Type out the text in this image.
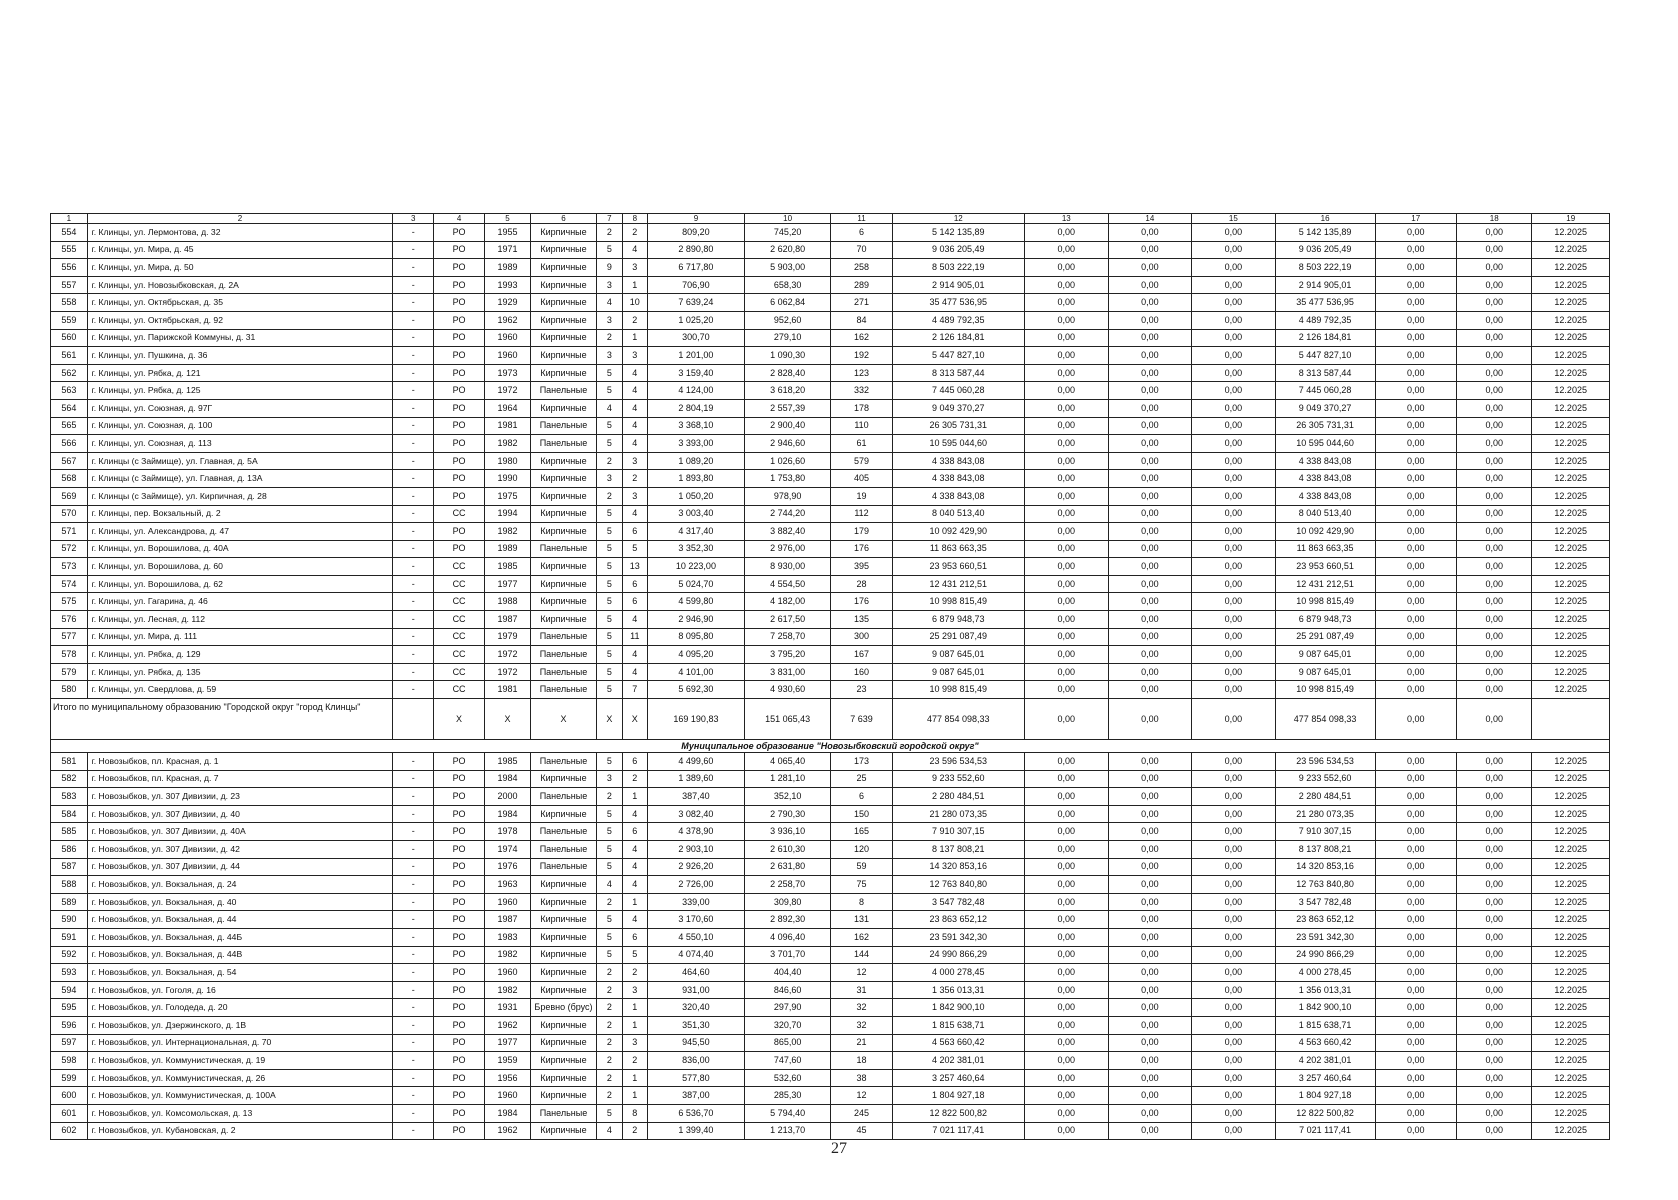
1	2	3	4	5	6	7	8	9	10	11	12	13	14	15	16	17	18	19
554	г. Клинцы, ул. Лермонтова, д. 32	-	РО	1955	Кирпичные	2	2	809,20	745,20	6	5 142 135,89	0,00	0,00	0,00	5 142 135,89	0,00	0,00	12.2025
555	г. Клинцы, ул. Мира, д. 45	-	РО	1971	Кирпичные	5	4	2 890,80	2 620,80	70	9 036 205,49	0,00	0,00	0,00	9 036 205,49	0,00	0,00	12.2025
556	г. Клинцы, ул. Мира, д. 50	-	РО	1989	Кирпичные	9	3	6 717,80	5 903,00	258	8 503 222,19	0,00	0,00	0,00	8 503 222,19	0,00	0,00	12.2025
557	г. Клинцы, ул. Новозыбковская, д. 2А	-	РО	1993	Кирпичные	3	1	706,90	658,30	289	2 914 905,01	0,00	0,00	0,00	2 914 905,01	0,00	0,00	12.2025
558	г. Клинцы, ул. Октябрьская, д. 35	-	РО	1929	Кирпичные	4	10	7 639,24	6 062,84	271	35 477 536,95	0,00	0,00	0,00	35 477 536,95	0,00	0,00	12.2025
559	г. Клинцы, ул. Октябрьская, д. 92	-	РО	1962	Кирпичные	3	2	1 025,20	952,60	84	4 489 792,35	0,00	0,00	0,00	4 489 792,35	0,00	0,00	12.2025
560	г. Клинцы, ул. Парижской Коммуны, д. 31	-	РО	1960	Кирпичные	2	1	300,70	279,10	162	2 126 184,81	0,00	0,00	0,00	2 126 184,81	0,00	0,00	12.2025
561	г. Клинцы, ул. Пушкина, д. 36	-	РО	1960	Кирпичные	3	3	1 201,00	1 090,30	192	5 447 827,10	0,00	0,00	0,00	5 447 827,10	0,00	0,00	12.2025
562	г. Клинцы, ул. Рябка, д. 121	-	РО	1973	Кирпичные	5	4	3 159,40	2 828,40	123	8 313 587,44	0,00	0,00	0,00	8 313 587,44	0,00	0,00	12.2025
563	г. Клинцы, ул. Рябка, д. 125	-	РО	1972	Панельные	5	4	4 124,00	3 618,20	332	7 445 060,28	0,00	0,00	0,00	7 445 060,28	0,00	0,00	12.2025
564	г. Клинцы, ул. Союзная, д. 97Г	-	РО	1964	Кирпичные	4	4	2 804,19	2 557,39	178	9 049 370,27	0,00	0,00	0,00	9 049 370,27	0,00	0,00	12.2025
565	г. Клинцы, ул. Союзная, д. 100	-	РО	1981	Панельные	5	4	3 368,10	2 900,40	110	26 305 731,31	0,00	0,00	0,00	26 305 731,31	0,00	0,00	12.2025
566	г. Клинцы, ул. Союзная, д. 113	-	РО	1982	Панельные	5	4	3 393,00	2 946,60	61	10 595 044,60	0,00	0,00	0,00	10 595 044,60	0,00	0,00	12.2025
567	г. Клинцы (с Займище), ул. Главная, д. 5А	-	РО	1980	Кирпичные	2	3	1 089,20	1 026,60	579	4 338 843,08	0,00	0,00	0,00	4 338 843,08	0,00	0,00	12.2025
568	г. Клинцы (с Займище), ул. Главная, д. 13А	-	РО	1990	Кирпичные	3	2	1 893,80	1 753,80	405	4 338 843,08	0,00	0,00	0,00	4 338 843,08	0,00	0,00	12.2025
569	г. Клинцы (с Займище), ул. Кирпичная, д. 28	-	РО	1975	Кирпичные	2	3	1 050,20	978,90	19	4 338 843,08	0,00	0,00	0,00	4 338 843,08	0,00	0,00	12.2025
570	г. Клинцы, пер. Вокзальный, д. 2	-	СС	1994	Кирпичные	5	4	3 003,40	2 744,20	112	8 040 513,40	0,00	0,00	0,00	8 040 513,40	0,00	0,00	12.2025
571	г. Клинцы, ул. Александрова, д. 47	-	РО	1982	Кирпичные	5	6	4 317,40	3 882,40	179	10 092 429,90	0,00	0,00	0,00	10 092 429,90	0,00	0,00	12.2025
572	г. Клинцы, ул. Ворошилова, д. 40А	-	РО	1989	Панельные	5	5	3 352,30	2 976,00	176	11 863 663,35	0,00	0,00	0,00	11 863 663,35	0,00	0,00	12.2025
573	г. Клинцы, ул. Ворошилова, д. 60	-	СС	1985	Кирпичные	5	13	10 223,00	8 930,00	395	23 953 660,51	0,00	0,00	0,00	23 953 660,51	0,00	0,00	12.2025
574	г. Клинцы, ул. Ворошилова, д. 62	-	СС	1977	Кирпичные	5	6	5 024,70	4 554,50	28	12 431 212,51	0,00	0,00	0,00	12 431 212,51	0,00	0,00	12.2025
575	г. Клинцы, ул. Гагарина, д. 46	-	СС	1988	Кирпичные	5	6	4 599,80	4 182,00	176	10 998 815,49	0,00	0,00	0,00	10 998 815,49	0,00	0,00	12.2025
576	г. Клинцы, ул. Лесная, д. 112	-	СС	1987	Кирпичные	5	4	2 946,90	2 617,50	135	6 879 948,73	0,00	0,00	0,00	6 879 948,73	0,00	0,00	12.2025
577	г. Клинцы, ул. Мира, д. 111	-	СС	1979	Панельные	5	11	8 095,80	7 258,70	300	25 291 087,49	0,00	0,00	0,00	25 291 087,49	0,00	0,00	12.2025
578	г. Клинцы, ул. Рябка, д. 129	-	СС	1972	Панельные	5	4	4 095,20	3 795,20	167	9 087 645,01	0,00	0,00	0,00	9 087 645,01	0,00	0,00	12.2025
579	г. Клинцы, ул. Рябка, д. 135	-	СС	1972	Панельные	5	4	4 101,00	3 831,00	160	9 087 645,01	0,00	0,00	0,00	9 087 645,01	0,00	0,00	12.2025
580	г. Клинцы, ул. Свердлова, д. 59	-	СС	1981	Панельные	5	7	5 692,30	4 930,60	23	10 998 815,49	0,00	0,00	0,00	10 998 815,49	0,00	0,00	12.2025
Итого по муниципальному образованию "Городской округ "город Клинцы"			X	X	X	X	X	169 190,83	151 065,43	7 639	477 854 098,33	0,00	0,00	0,00	477 854 098,33	0,00	0,00	
Муниципальное образование "Новозыбковский городской округ"																		
581	г. Новозыбков, пл. Красная, д. 1	-	РО	1985	Панельные	5	6	4 499,60	4 065,40	173	23 596 534,53	0,00	0,00	0,00	23 596 534,53	0,00	0,00	12.2025
582	г. Новозыбков, пл. Красная, д. 7	-	РО	1984	Кирпичные	3	2	1 389,60	1 281,10	25	9 233 552,60	0,00	0,00	0,00	9 233 552,60	0,00	0,00	12.2025
583	г. Новозыбков, ул. 307 Дивизии, д. 23	-	РО	2000	Панельные	2	1	387,40	352,10	6	2 280 484,51	0,00	0,00	0,00	2 280 484,51	0,00	0,00	12.2025
584	г. Новозыбков, ул. 307 Дивизии, д. 40	-	РО	1984	Кирпичные	5	4	3 082,40	2 790,30	150	21 280 073,35	0,00	0,00	0,00	21 280 073,35	0,00	0,00	12.2025
585	г. Новозыбков, ул. 307 Дивизии, д. 40А	-	РО	1978	Панельные	5	6	4 378,90	3 936,10	165	7 910 307,15	0,00	0,00	0,00	7 910 307,15	0,00	0,00	12.2025
586	г. Новозыбков, ул. 307 Дивизии, д. 42	-	РО	1974	Панельные	5	4	2 903,10	2 610,30	120	8 137 808,21	0,00	0,00	0,00	8 137 808,21	0,00	0,00	12.2025
587	г. Новозыбков, ул. 307 Дивизии, д. 44	-	РО	1976	Панельные	5	4	2 926,20	2 631,80	59	14 320 853,16	0,00	0,00	0,00	14 320 853,16	0,00	0,00	12.2025
588	г. Новозыбков, ул. Вокзальная, д. 24	-	РО	1963	Кирпичные	4	4	2 726,00	2 258,70	75	12 763 840,80	0,00	0,00	0,00	12 763 840,80	0,00	0,00	12.2025
589	г. Новозыбков, ул. Вокзальная, д. 40	-	РО	1960	Кирпичные	2	1	339,00	309,80	8	3 547 782,48	0,00	0,00	0,00	3 547 782,48	0,00	0,00	12.2025
590	г. Новозыбков, ул. Вокзальная, д. 44	-	РО	1987	Кирпичные	5	4	3 170,60	2 892,30	131	23 863 652,12	0,00	0,00	0,00	23 863 652,12	0,00	0,00	12.2025
591	г. Новозыбков, ул. Вокзальная, д. 44Б	-	РО	1983	Кирпичные	5	6	4 550,10	4 096,40	162	23 591 342,30	0,00	0,00	0,00	23 591 342,30	0,00	0,00	12.2025
592	г. Новозыбков, ул. Вокзальная, д. 44В	-	РО	1982	Кирпичные	5	5	4 074,40	3 701,70	144	24 990 866,29	0,00	0,00	0,00	24 990 866,29	0,00	0,00	12.2025
593	г. Новозыбков, ул. Вокзальная, д. 54	-	РО	1960	Кирпичные	2	2	464,60	404,40	12	4 000 278,45	0,00	0,00	0,00	4 000 278,45	0,00	0,00	12.2025
594	г. Новозыбков, ул. Гоголя, д. 16	-	РО	1982	Кирпичные	2	3	931,00	846,60	31	1 356 013,31	0,00	0,00	0,00	1 356 013,31	0,00	0,00	12.2025
595	г. Новозыбков, ул. Голодеда, д. 20	-	РО	1931	Бревно (брус)	2	1	320,40	297,90	32	1 842 900,10	0,00	0,00	0,00	1 842 900,10	0,00	0,00	12.2025
596	г. Новозыбков, ул. Дзержинского, д. 1В	-	РО	1962	Кирпичные	2	1	351,30	320,70	32	1 815 638,71	0,00	0,00	0,00	1 815 638,71	0,00	0,00	12.2025
597	г. Новозыбков, ул. Интернациональная, д. 70	-	РО	1977	Кирпичные	2	3	945,50	865,00	21	4 563 660,42	0,00	0,00	0,00	4 563 660,42	0,00	0,00	12.2025
598	г. Новозыбков, ул. Коммунистическая, д. 19	-	РО	1959	Кирпичные	2	2	836,00	747,60	18	4 202 381,01	0,00	0,00	0,00	4 202 381,01	0,00	0,00	12.2025
599	г. Новозыбков, ул. Коммунистическая, д. 26	-	РО	1956	Кирпичные	2	1	577,80	532,60	38	3 257 460,64	0,00	0,00	0,00	3 257 460,64	0,00	0,00	12.2025
600	г. Новозыбков, ул. Коммунистическая, д. 100А	-	РО	1960	Кирпичные	2	1	387,00	285,30	12	1 804 927,18	0,00	0,00	0,00	1 804 927,18	0,00	0,00	12.2025
601	г. Новозыбков, ул. Комсомольская, д. 13	-	РО	1984	Панельные	5	8	6 536,70	5 794,40	245	12 822 500,82	0,00	0,00	0,00	12 822 500,82	0,00	0,00	12.2025
602	г. Новозыбков, ул. Кубановская, д. 2	-	РО	1962	Кирпичные	4	2	1 399,40	1 213,70	45	7 021 117,41	0,00	0,00	0,00	7 021 117,41	0,00	0,00	12.2025
27
